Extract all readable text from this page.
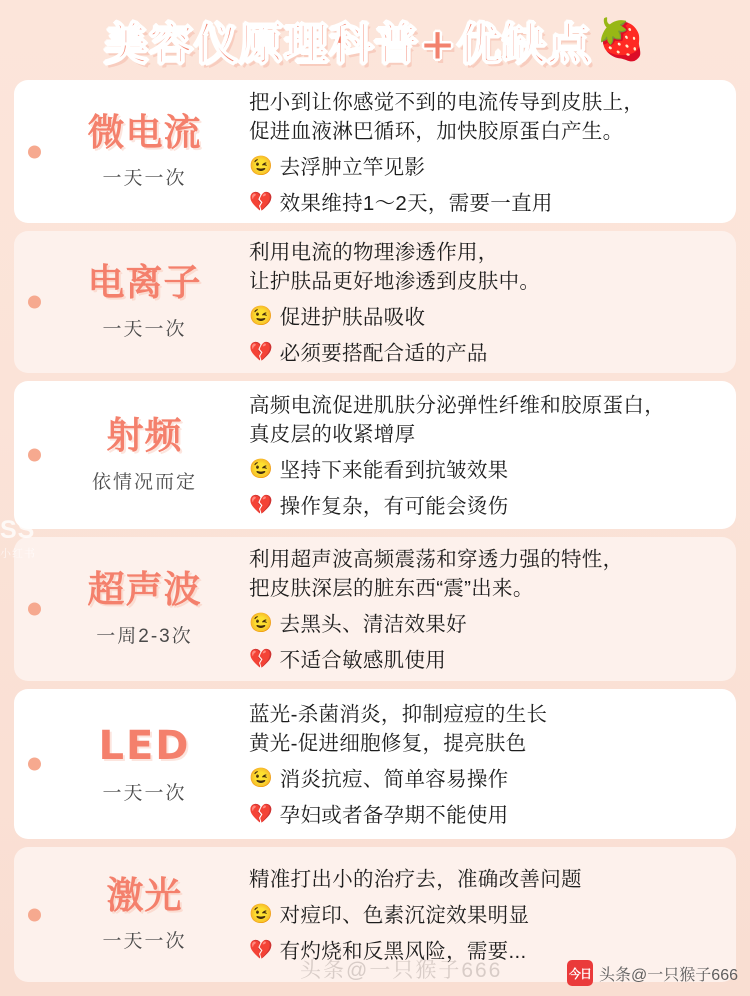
美容仪原理科普+优缺点 🍓
微电流
一天一次
把小到让你感觉不到的电流传导到皮肤上，
促进血液淋巴循环，加快胶原蛋白产生。
😉 去浮肿立竿见影
💔 效果维持1～2天，需要一直用
电离子
一天一次
利用电流的物理渗透作用，
让护肤品更好地渗透到皮肤中。
😉 促进护肤品吸收
💔 必须要搭配合适的产品
射频
依情况而定
高频电流促进肌肤分泌弹性纤维和胶原蛋白，
真皮层的收紧增厚
😉 坚持下来能看到抗皱效果
💔 操作复杂，有可能会烫伤
超声波
一周2-3次
利用超声波高频震荡和穿透力强的特性，
把皮肤深层的脏东西“震”出来。
😉 去黑头、清洁效果好
💔 不适合敏感肌使用
LED
一天一次
蓝光-杀菌消炎，抑制痘痘的生长
黄光-促进细胞修复，提亮肤色
😉 消炎抗痘、简单容易操作
💔 孕妇或者备孕期不能使用
激光
一天一次
精准打出小的治疗去，准确改善问题
😉 对痘印、色素沉淀效果明显
💔 有灼烧和反黑风险，需要...
SS
小红书
头条@一只猴子666	今日 头条@一只猴子666
